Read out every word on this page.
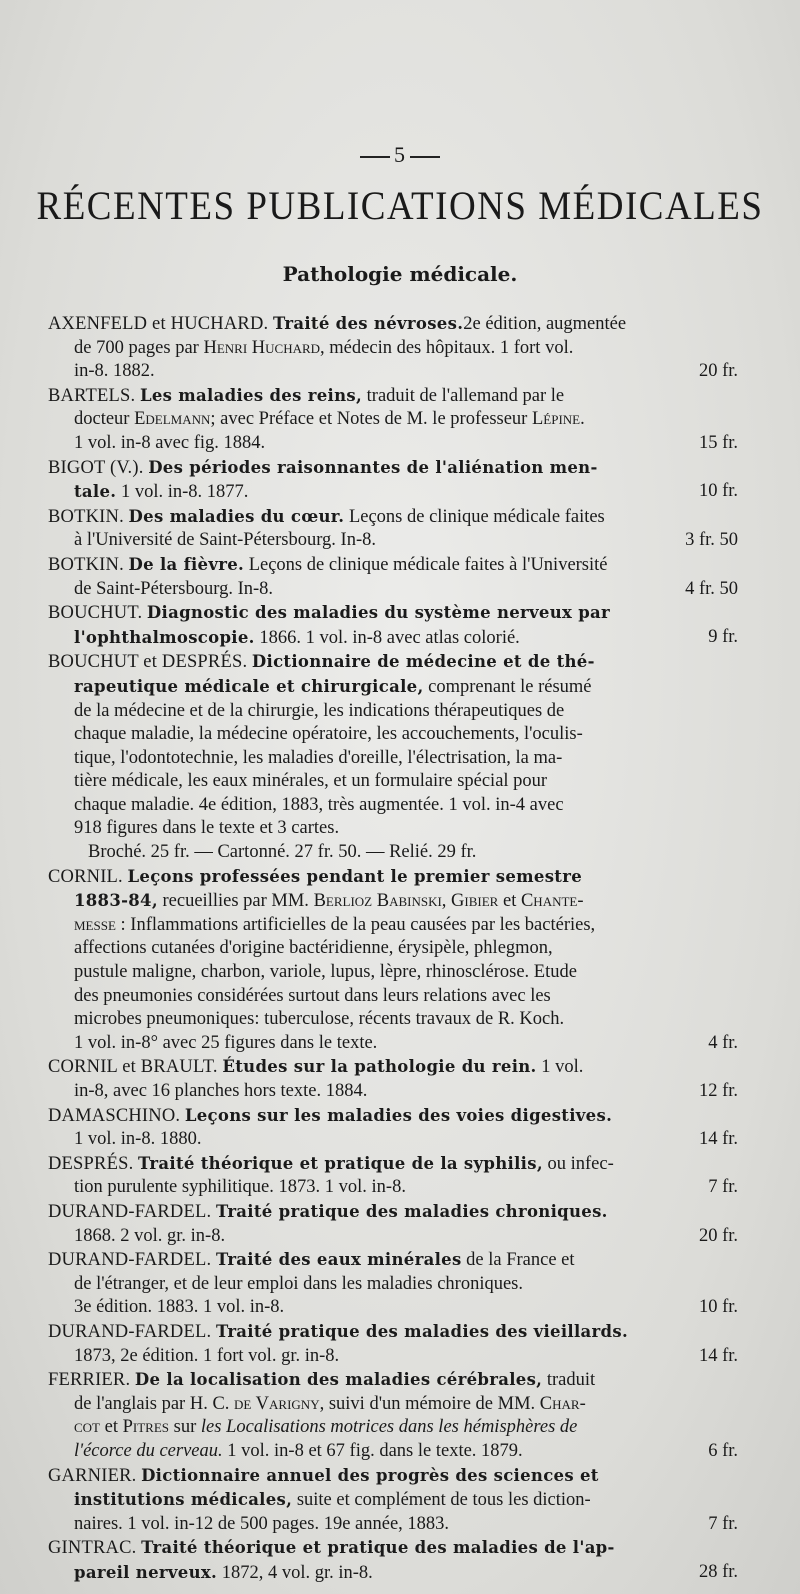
5
RÉCENTES PUBLICATIONS MÉDICALES
Pathologie médicale.
AXENFELD et HUCHARD. Traité des névroses.2e édition, augmentée
de 700 pages par Henri Huchard, médecin des hôpitaux. 1 fort vol.
in-8. 1882.	20 fr.
BARTELS. Les maladies des reins, traduit de l'allemand par le
docteur Edelmann; avec Préface et Notes de M. le professeur Lépine.
1 vol. in-8 avec fig. 1884.	15 fr.
BIGOT (V.). Des périodes raisonnantes de l'aliénation men-
tale. 1 vol. in-8. 1877.	10 fr.
BOTKIN. Des maladies du cœur. Leçons de clinique médicale faites
à l'Université de Saint-Pétersbourg. In-8.	3 fr. 50
BOTKIN. De la fièvre. Leçons de clinique médicale faites à l'Université
de Saint-Pétersbourg. In-8.	4 fr. 50
BOUCHUT. Diagnostic des maladies du système nerveux par
l'ophthalmoscopie. 1866. 1 vol. in-8 avec atlas colorié.	9 fr.
BOUCHUT et DESPRÉS. Dictionnaire de médecine et de thé-
rapeutique médicale et chirurgicale, comprenant le résumé
de la médecine et de la chirurgie, les indications thérapeutiques de
chaque maladie, la médecine opératoire, les accouchements, l'oculis-
tique, l'odontotechnie, les maladies d'oreille, l'électrisation, la ma-
tière médicale, les eaux minérales, et un formulaire spécial pour
chaque maladie. 4e édition, 1883, très augmentée. 1 vol. in-4 avec
918 figures dans le texte et 3 cartes.
Broché. 25 fr. — Cartonné. 27 fr. 50. — Relié. 29 fr.
CORNIL. Leçons professées pendant le premier semestre
1883-84, recueillies par MM. Berlioz Babinski, Gibier et Chante-
messe : Inflammations artificielles de la peau causées par les bactéries,
affections cutanées d'origine bactéridienne, érysipèle, phlegmon,
pustule maligne, charbon, variole, lupus, lèpre, rhinosclérose. Etude
des pneumonies considérées surtout dans leurs relations avec les
microbes pneumoniques: tuberculose, récents travaux de R. Koch.
1 vol. in-8° avec 25 figures dans le texte.	4 fr.
CORNIL et BRAULT. Études sur la pathologie du rein. 1 vol.
in-8, avec 16 planches hors texte. 1884.	12 fr.
DAMASCHINO. Leçons sur les maladies des voies digestives.
1 vol. in-8. 1880.	14 fr.
DESPRÉS. Traité théorique et pratique de la syphilis, ou infec-
tion purulente syphilitique. 1873. 1 vol. in-8.	7 fr.
DURAND-FARDEL. Traité pratique des maladies chroniques.
1868. 2 vol. gr. in-8.	20 fr.
DURAND-FARDEL. Traité des eaux minérales de la France et
de l'étranger, et de leur emploi dans les maladies chroniques.
3e édition. 1883. 1 vol. in-8.	10 fr.
DURAND-FARDEL. Traité pratique des maladies des vieillards.
1873, 2e édition. 1 fort vol. gr. in-8.	14 fr.
FERRIER. De la localisation des maladies cérébrales, traduit
de l'anglais par H. C. de Varigny, suivi d'un mémoire de MM. Char-
cot et Pitres sur les Localisations motrices dans les hémisphères de
l'écorce du cerveau. 1 vol. in-8 et 67 fig. dans le texte. 1879.	6 fr.
GARNIER. Dictionnaire annuel des progrès des sciences et
institutions médicales, suite et complément de tous les diction-
naires. 1 vol. in-12 de 500 pages. 19e année, 1883.	7 fr.
GINTRAC. Traité théorique et pratique des maladies de l'ap-
pareil nerveux. 1872, 4 vol. gr. in-8.	28 fr.
